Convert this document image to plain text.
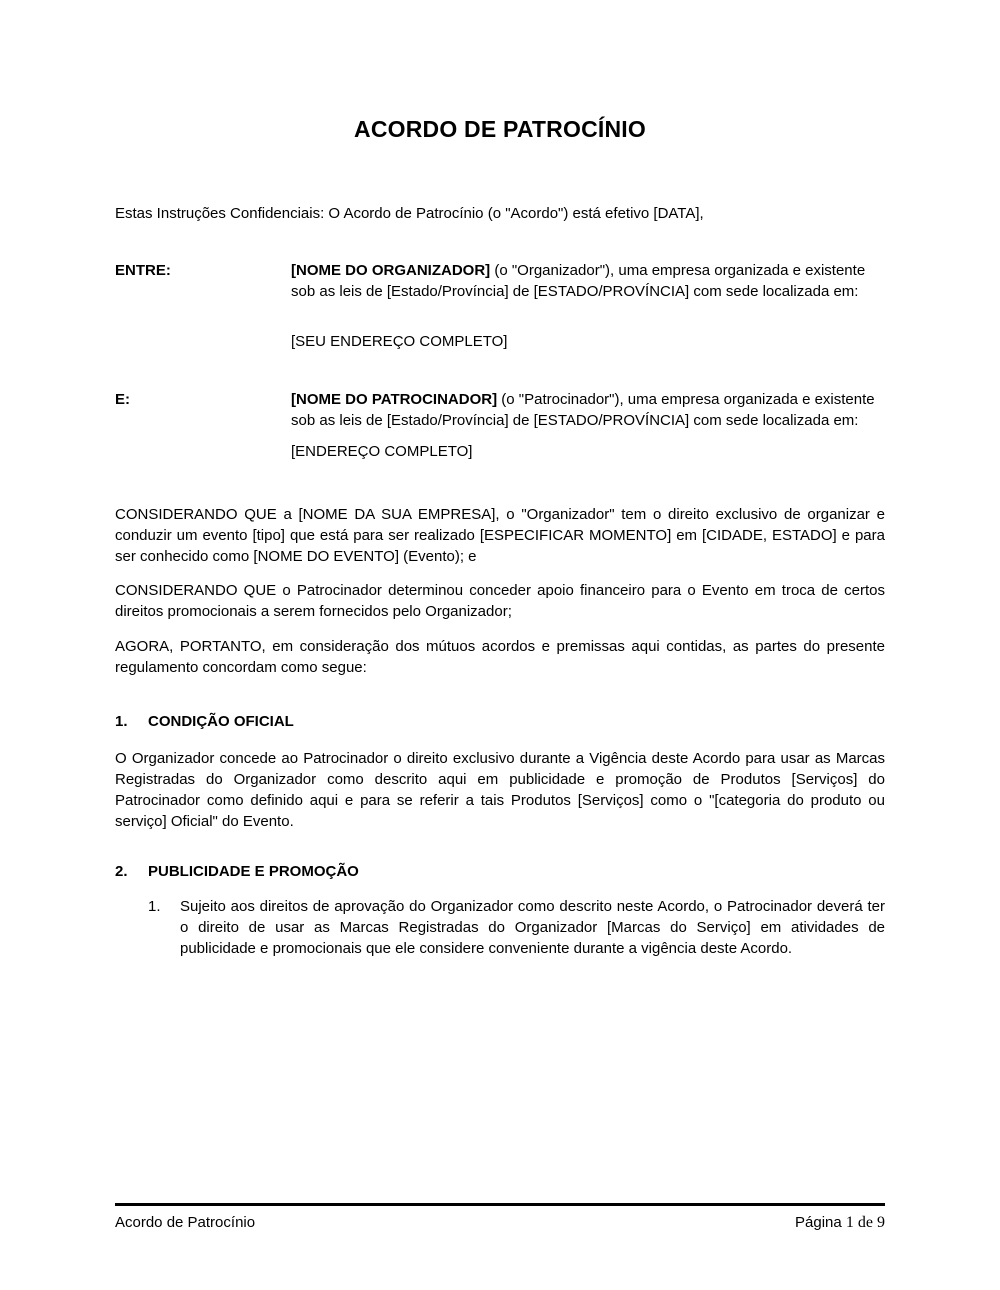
ACORDO DE PATROCÍNIO

Estas Instruções Confidenciais: O Acordo de Patrocínio (o "Acordo") está efetivo [DATA],

ENTRE:	[NOME DO ORGANIZADOR] (o "Organizador"), uma empresa organizada e existente sob as leis de [Estado/Província] de [ESTADO/PROVÍNCIA] com sede localizada em:

[SEU ENDEREÇO COMPLETO]

E:	[NOME DO PATROCINADOR] (o "Patrocinador"), uma empresa organizada e existente sob as leis de [Estado/Província] de [ESTADO/PROVÍNCIA] com sede localizada em:

[ENDEREÇO COMPLETO]

CONSIDERANDO QUE a [NOME DA SUA EMPRESA], o "Organizador" tem o direito exclusivo de organizar e conduzir um evento [tipo] que está para ser realizado [ESPECIFICAR MOMENTO] em [CIDADE, ESTADO] e para ser conhecido como [NOME DO EVENTO] (Evento); e

CONSIDERANDO QUE o Patrocinador determinou conceder apoio financeiro para o Evento em troca de certos direitos promocionais a serem fornecidos pelo Organizador;

AGORA, PORTANTO, em consideração dos mútuos acordos e premissas aqui contidas, as partes do presente regulamento concordam como segue:

1.	CONDIÇÃO OFICIAL

O Organizador concede ao Patrocinador o direito exclusivo durante a Vigência deste Acordo para usar as Marcas Registradas do Organizador como descrito aqui em publicidade e promoção de Produtos [Serviços] do Patrocinador como definido aqui e para se referir a tais Produtos [Serviços] como o "[categoria do produto ou serviço] Oficial" do Evento.

2.	PUBLICIDADE E PROMOÇÃO
1.	Sujeito aos direitos de aprovação do Organizador como descrito neste Acordo, o Patrocinador deverá ter o direito de usar as Marcas Registradas do Organizador [Marcas do Serviço] em atividades de publicidade e promocionais que ele considere conveniente durante a vigência deste Acordo.

Acordo de Patrocínio	Página 1 de 9
